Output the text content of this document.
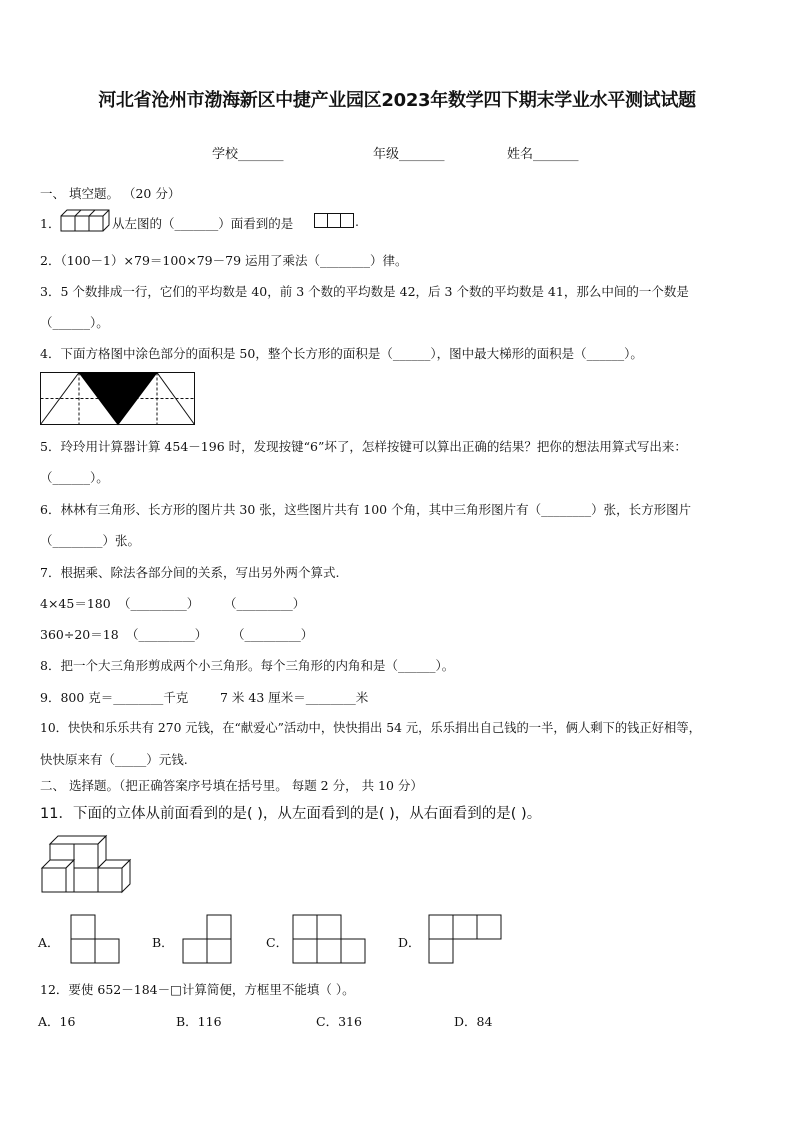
河北省沧州市渤海新区中捷产业园区2023年数学四下期末学业水平测试试题
学校_______	年级_______	姓名_______
一、 填空题。 （20 分）
1．	从左图的（_______）面看到的是	.
2．（100－1）×79＝100×79－79 运用了乘法（________）律。
3．5 个数排成一行，它们的平均数是 40，前 3 个数的平均数是 42，后 3 个数的平均数是 41，那么中间的一个数是
（______）。
4．下面方格图中涂色部分的面积是 50，整个长方形的面积是（______），图中最大梯形的面积是（______）。
5．玲玲用计算器计算 454－196 时，发现按键“6”坏了，怎样按键可以算出正确的结果？把你的想法用算式写出来：
（______）。
6．林林有三角形、长方形的图片共 30 张，这些图片共有 100 个角，其中三角形图片有（________）张，长方形图片
（________）张。
7．根据乘、除法各部分间的关系，写出另外两个算式.
4×45＝180 （_________） （_________）
360÷20＝18 （_________） （_________）
8．把一个大三角形剪成两个小三角形。每个三角形的内角和是（______）。
9．800 克＝________千克	7 米 43 厘米＝________米
10．快快和乐乐共有 270 元钱，在“献爱心”活动中，快快捐出 54 元，乐乐捐出自己钱的一半，俩人剩下的钱正好相等，
快快原来有（_____）元钱.
二、 选择题。（把正确答案序号填在括号里。 每题 2 分， 共 10 分）
11．下面的立体从前面看到的是( )，从左面看到的是( )，从右面看到的是( )。
A．	B．	C．	D．
12．要使 652－184－□计算简便，方框里不能填（ ）。
A．16	B．116	C．316	D．84
